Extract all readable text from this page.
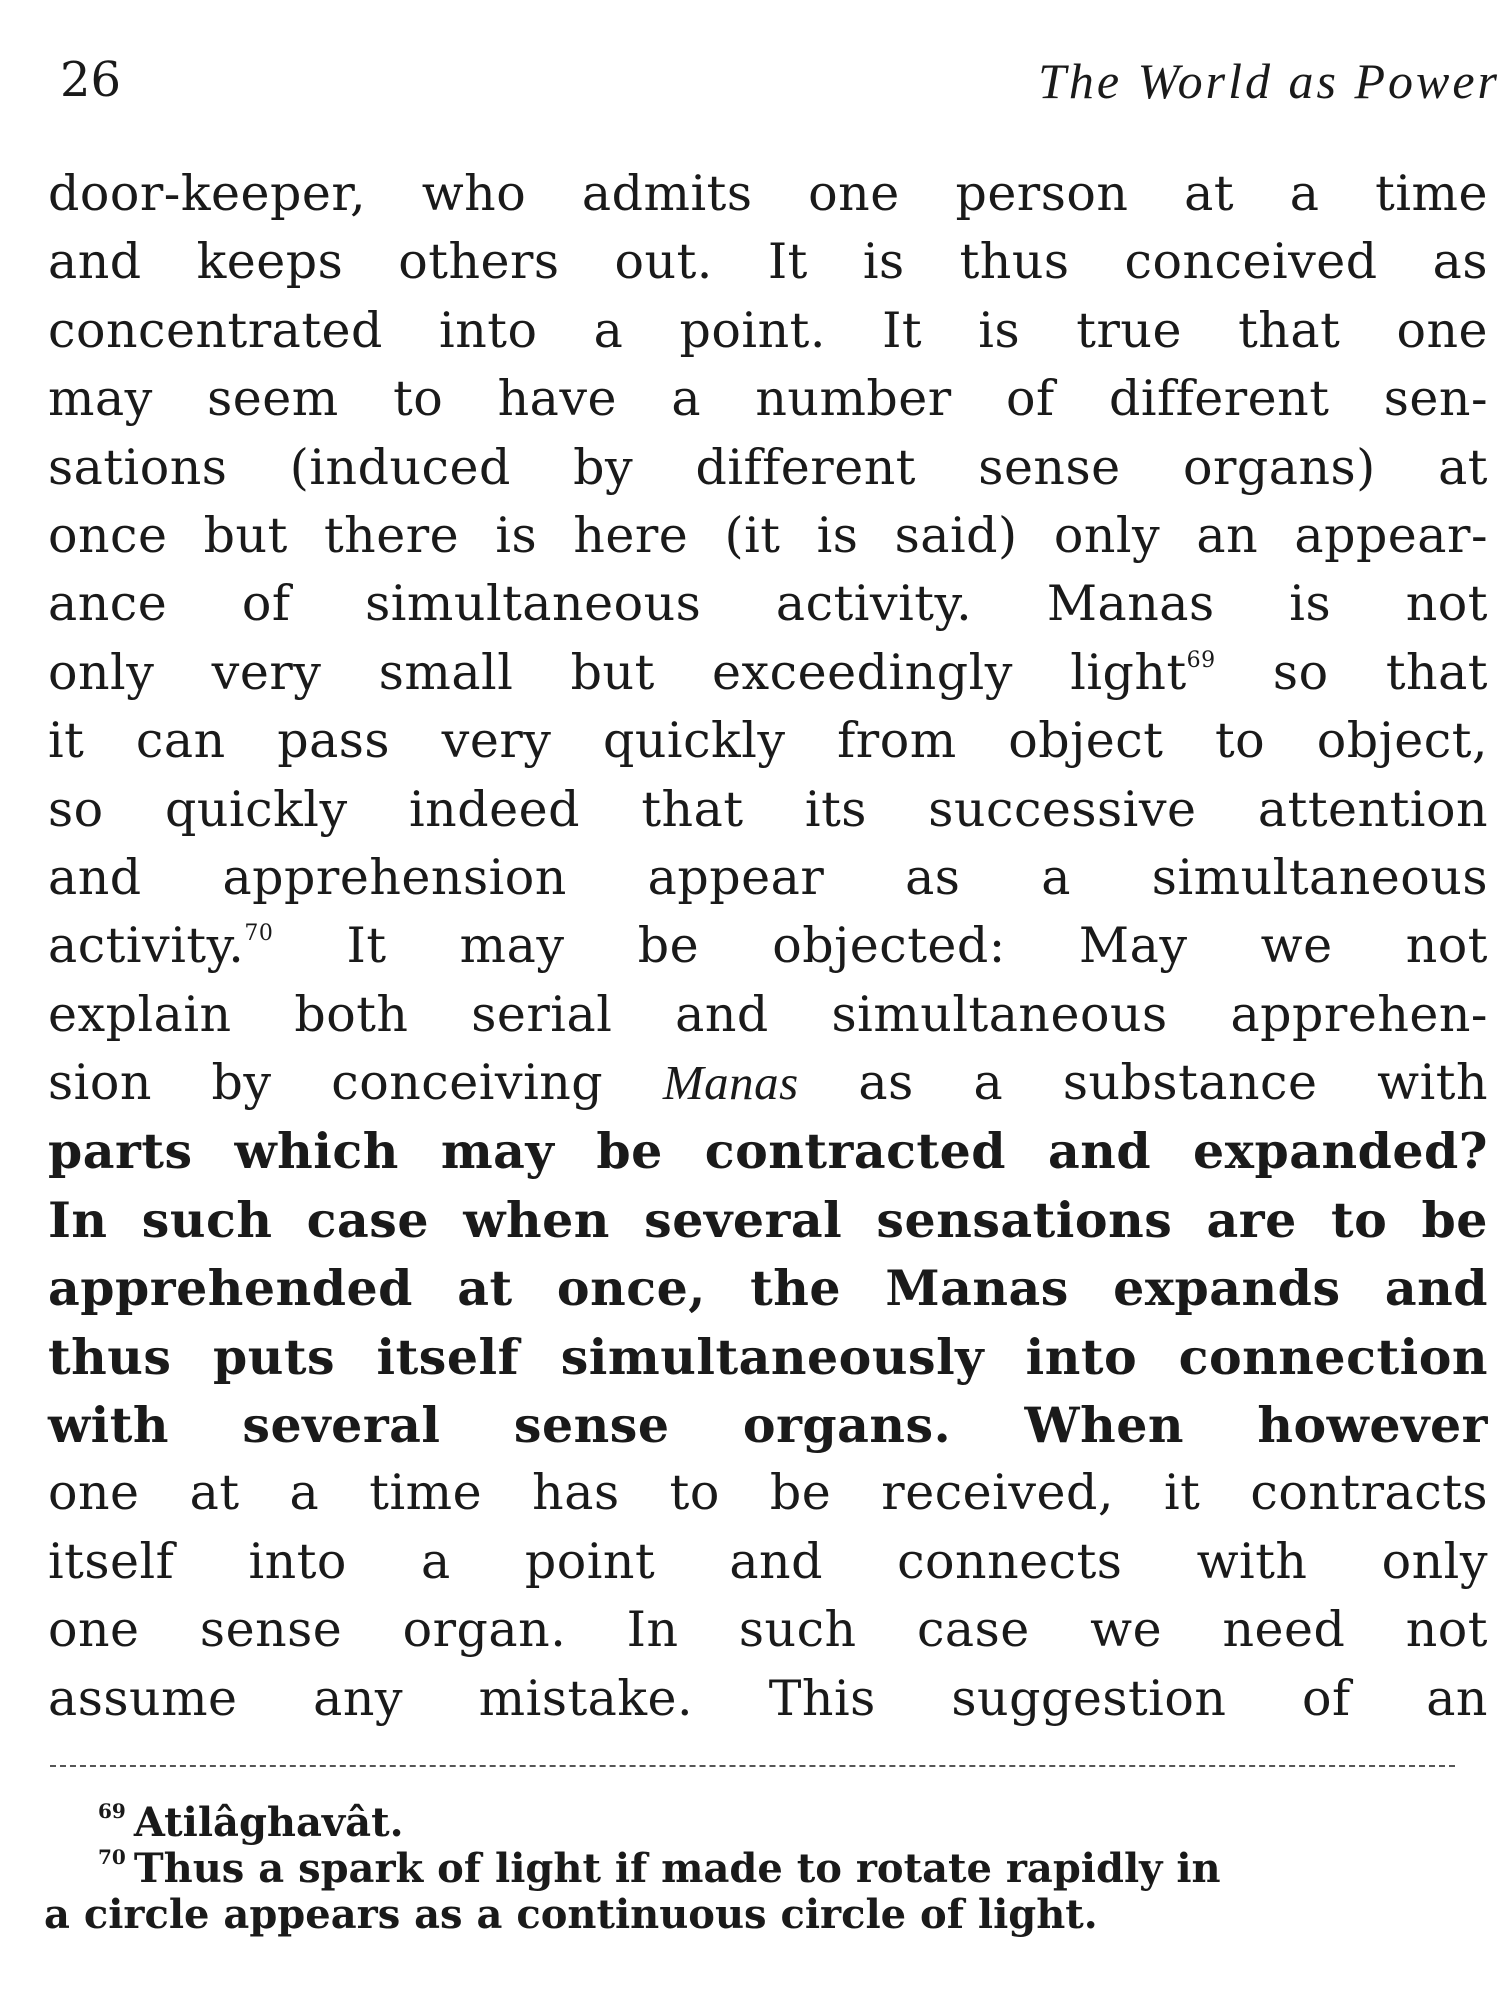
26	The World as Power
door-keeper, who admits one person at a time
and keeps others out. It is thus conceived as
concentrated into a point. It is true that one
may seem to have a number of different sen-
sations (induced by different sense organs) at
once but there is here (it is said) only an appear-
ance of simultaneous activity. Manas is not
only very small but exceedingly light$^{69}$ so that
it can pass very quickly from object to object,
so quickly indeed that its successive attention
and apprehension appear as a simultaneous
activity.$^{70}$ It may be objected: May we not
explain both serial and simultaneous apprehen-
sion by conceiving Manas as a substance with
parts which may be contracted and expanded?
In such case when several sensations are to be
apprehended at once, the Manas expands and
thus puts itself simultaneously into connection
with several sense organs. When however
one at a time has to be received, it contracts
itself into a point and connects with only
one sense organ. In such case we need not
assume any mistake. This suggestion of an
$^{69}$ Atilâghavât.
$^{70}$ Thus a spark of light if made to rotate rapidly in
a circle appears as a continuous circle of light.
